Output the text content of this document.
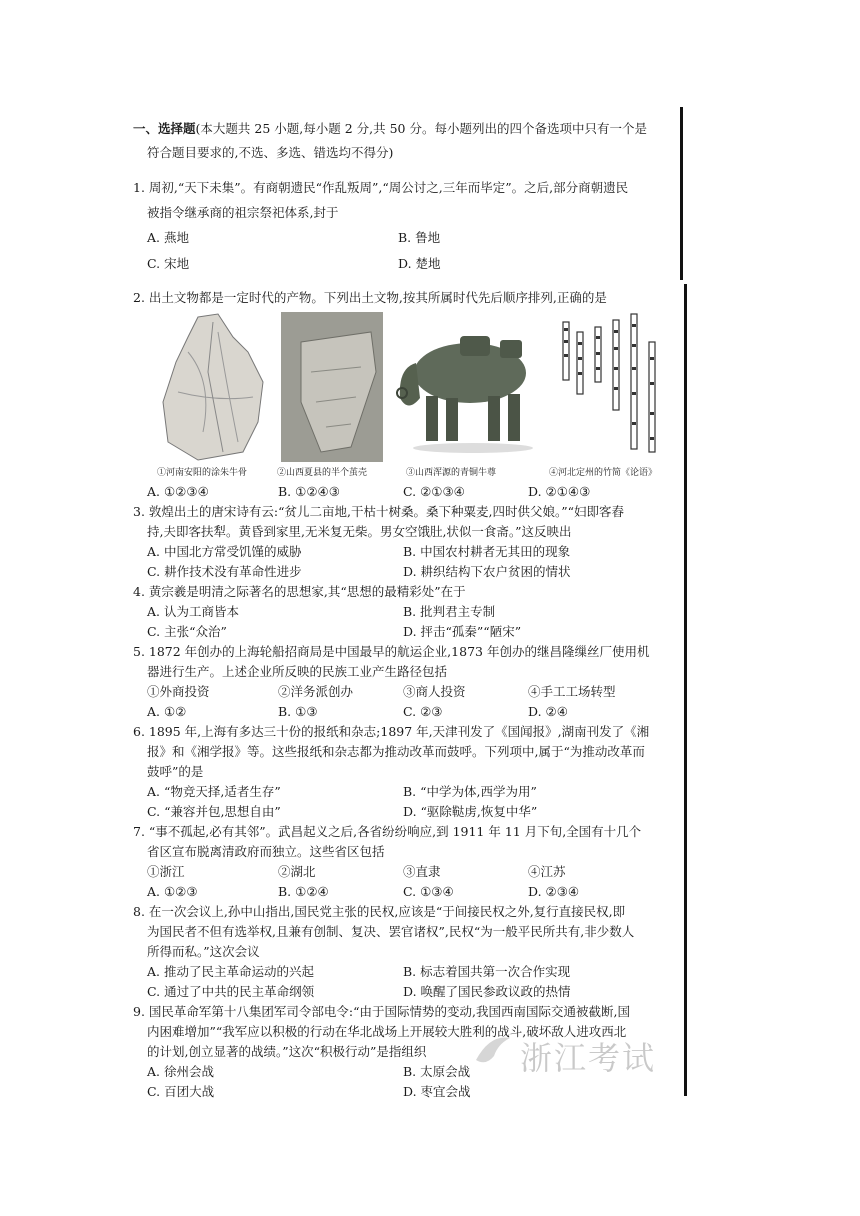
一、选择题(本大题共 25 小题,每小题 2 分,共 50 分。每小题列出的四个备选项中只有一个是
符合题目要求的,不选、多选、错选均不得分)
1. 周初,“天下未集”。有商朝遗民“作乱叛周”,“周公讨之,三年而毕定”。之后,部分商朝遗民
被指令继承商的祖宗祭祀体系,封于
A. 燕地	B. 鲁地
C. 宋地	D. 楚地
2. 出土文物都是一定时代的产物。下列出土文物,按其所属时代先后顺序排列,正确的是
①河南安阳的涂朱牛骨	②山西夏县的半个茧壳	③山西浑源的青铜牛尊	④河北定州的竹简《论语》
A. ①②③④	B. ①②④③	C. ②①③④	D. ②①④③
3. 敦煌出土的唐宋诗有云:“贫儿二亩地,干枯十树桑。桑下种粟麦,四时供父娘。”“妇即客舂
持,夫即客扶犁。黄昏到家里,无米复无柴。男女空饿肚,状似一食斋。”这反映出
A. 中国北方常受饥馑的威胁	B. 中国农村耕者无其田的现象
C. 耕作技术没有革命性进步	D. 耕织结构下农户贫困的情状
4. 黄宗羲是明清之际著名的思想家,其“思想的最精彩处”在于
A. 认为工商皆本	B. 批判君主专制
C. 主张“众治”	D. 抨击“孤秦”“陋宋”
5. 1872 年创办的上海轮船招商局是中国最早的航运企业,1873 年创办的继昌隆缫丝厂使用机
器进行生产。上述企业所反映的民族工业产生路径包括
①外商投资	②洋务派创办	③商人投资	④手工工场转型
A. ①②	B. ①③	C. ②③	D. ②④
6. 1895 年,上海有多达三十份的报纸和杂志;1897 年,天津刊发了《国闻报》,湖南刊发了《湘
报》和《湘学报》等。这些报纸和杂志都为推动改革而鼓呼。下列项中,属于“为推动改革而
鼓呼”的是
A. “物竞天择,适者生存”	B. “中学为体,西学为用”
C. “兼容并包,思想自由”	D. “驱除鞑虏,恢复中华”
7. “事不孤起,必有其邻”。武昌起义之后,各省纷纷响应,到 1911 年 11 月下旬,全国有十几个
省区宣布脱离清政府而独立。这些省区包括
①浙江	②湖北	③直隶	④江苏
A. ①②③	B. ①②④	C. ①③④	D. ②③④
8. 在一次会议上,孙中山指出,国民党主张的民权,应该是“于间接民权之外,复行直接民权,即
为国民者不但有选举权,且兼有创制、复决、罢官诸权”,民权“为一般平民所共有,非少数人
所得而私。”这次会议
A. 推动了民主革命运动的兴起	B. 标志着国共第一次合作实现
C. 通过了中共的民主革命纲领	D. 唤醒了国民参政议政的热情
9. 国民革命军第十八集团军司令部电令:“由于国际情势的变动,我国西南国际交通被截断,国
内困难增加”“我军应以积极的行动在华北战场上开展较大胜利的战斗,破坏敌人进攻西北
的计划,创立显著的战绩。”这次“积极行动”是指组织
A. 徐州会战	B. 太原会战
C. 百团大战	D. 枣宜会战
浙江考试
